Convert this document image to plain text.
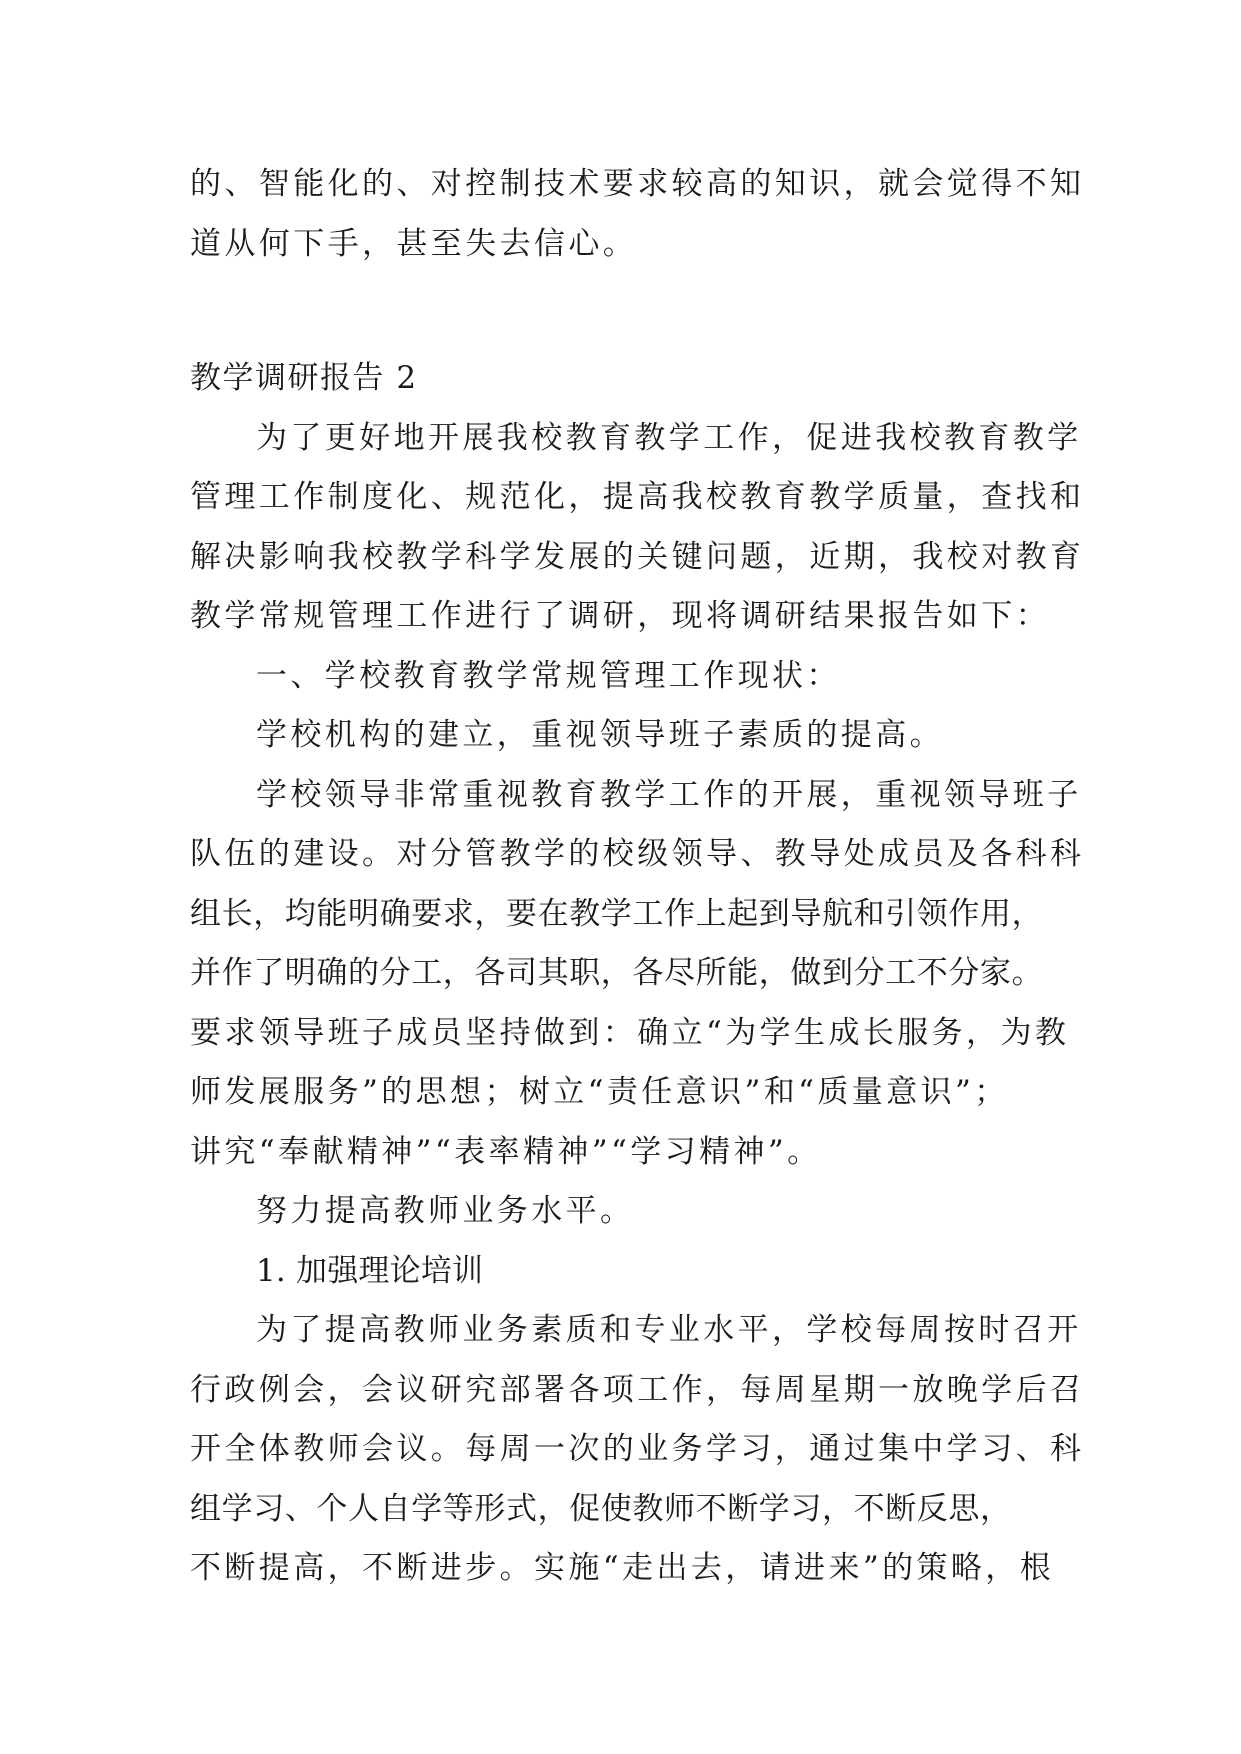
的、智能化的、对控制技术要求较高的知识，就会觉得不知
道从何下手，甚至失去信心。
教学调研报告 2
为了更好地开展我校教育教学工作，促进我校教育教学
管理工作制度化、规范化，提高我校教育教学质量，查找和
解决影响我校教学科学发展的关键问题，近期，我校对教育
教学常规管理工作进行了调研，现将调研结果报告如下：
一、学校教育教学常规管理工作现状：
学校机构的建立，重视领导班子素质的提高。
学校领导非常重视教育教学工作的开展，重视领导班子
队伍的建设。对分管教学的校级领导、教导处成员及各科科
组长，均能明确要求，要在教学工作上起到导航和引领作用，
并作了明确的分工，各司其职，各尽所能，做到分工不分家。
要求领导班子成员坚持做到：确立“为学生成长服务，为教
师发展服务”的思想；树立“责任意识”和“质量意识”；
讲究“奉献精神”“表率精神”“学习精神”。
努力提高教师业务水平。
1. 加强理论培训
为了提高教师业务素质和专业水平，学校每周按时召开
行政例会，会议研究部署各项工作，每周星期一放晚学后召
开全体教师会议。每周一次的业务学习，通过集中学习、科
组学习、个人自学等形式，促使教师不断学习，不断反思，
不断提高，不断进步。实施“走出去，请进来”的策略，根
